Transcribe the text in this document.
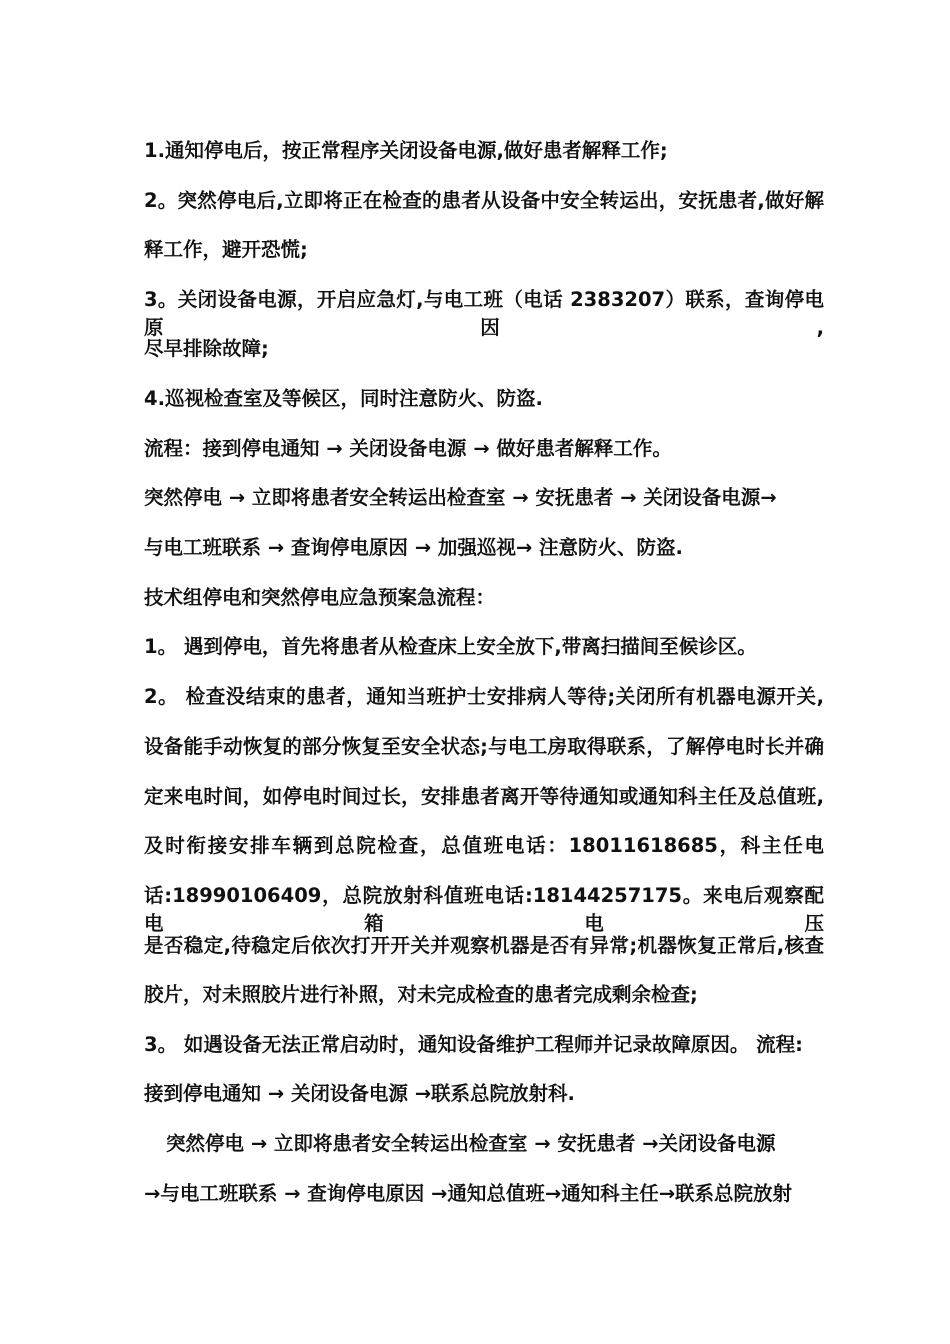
1.通知停电后，按正常程序关闭设备电源,做好患者解释工作;
2。突然停电后,立即将正在检查的患者从设备中安全转运出，安抚患者,做好解
释工作，避开恐慌;
3。关闭设备电源，开启应急灯,与电工班（电话 2383207）联系，查询停电原因,
尽早排除故障;
4.巡视检查室及等候区，同时注意防火、防盗.
流程：接到停电通知 → 关闭设备电源 → 做好患者解释工作。
突然停电 → 立即将患者安全转运出检查室 → 安抚患者 → 关闭设备电源→
与电工班联系 → 查询停电原因 → 加强巡视→ 注意防火、防盗.
技术组停电和突然停电应急预案急流程：
1。 遇到停电，首先将患者从检查床上安全放下,带离扫描间至候诊区。
2。 检查没结束的患者，通知当班护士安排病人等待;关闭所有机器电源开关,
设备能手动恢复的部分恢复至安全状态;与电工房取得联系，了解停电时长并确
定来电时间，如停电时间过长，安排患者离开等待通知或通知科主任及总值班,
及时衔接安排车辆到总院检查，总值班电话：18011618685，科主任电
话:18990106409，总院放射科值班电话:18144257175。来电后观察配电箱电压
是否稳定,待稳定后依次打开开关并观察机器是否有异常;机器恢复正常后,核查
胶片，对未照胶片进行补照，对未完成检查的患者完成剩余检查;
3。 如遇设备无法正常启动时，通知设备维护工程师并记录故障原因。 流程:
接到停电通知 → 关闭设备电源 →联系总院放射科.
突然停电 → 立即将患者安全转运出检查室 → 安抚患者 →关闭设备电源
→与电工班联系 → 查询停电原因 →通知总值班→通知科主任→联系总院放射
